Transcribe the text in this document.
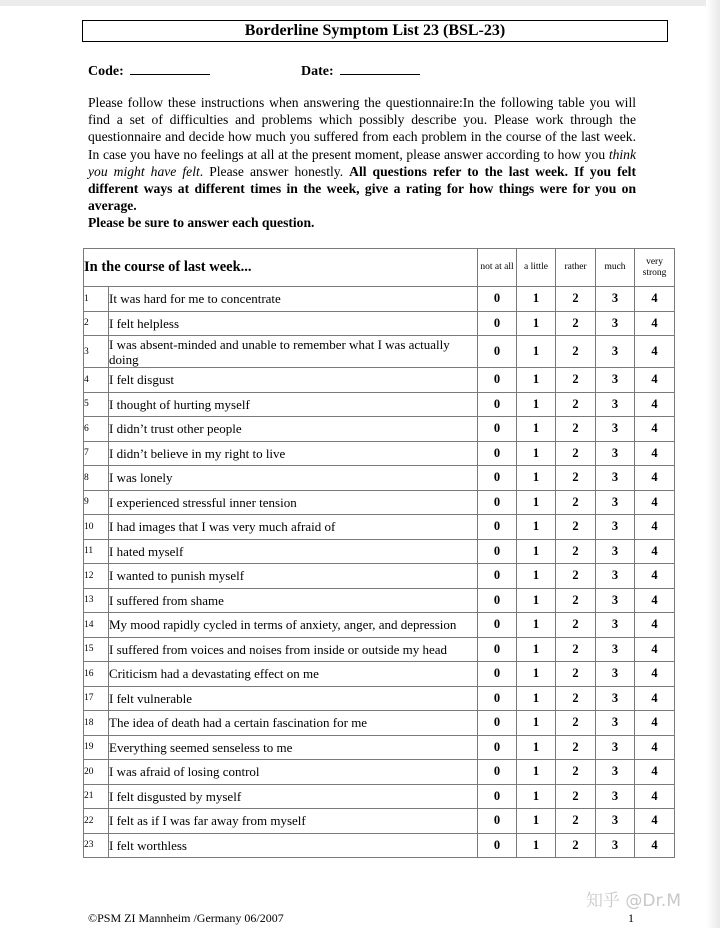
Borderline Symptom List 23 (BSL-23)
Code:	Date:
Please follow these instructions when answering the questionnaire:In the following table you will find a set of difficulties and problems which possibly describe you. Please work through the questionnaire and decide how much you suffered from each problem in the course of the last week. In case you have no feelings at all at the present moment, please answer according to how you think you might have felt. Please answer honestly. All questions refer to the last week. If you felt different ways at different times in the week, give a rating for how things were for you on average.
Please be sure to answer each question.
In the course of last week...		not at all	a little	rather	much	very strong
1	It was hard for me to concentrate	0	1	2	3	4
2	I felt helpless	0	1	2	3	4
3	I was absent-minded and unable to remember what I was actually doing	0	1	2	3	4
4	I felt disgust	0	1	2	3	4
5	I thought of hurting myself	0	1	2	3	4
6	I didn’t trust other people	0	1	2	3	4
7	I didn’t believe in my right to live	0	1	2	3	4
8	I was lonely	0	1	2	3	4
9	I experienced stressful inner tension	0	1	2	3	4
10	I had images that I was very much afraid of	0	1	2	3	4
11	I hated myself	0	1	2	3	4
12	I wanted to punish myself	0	1	2	3	4
13	I suffered from shame	0	1	2	3	4
14	My mood rapidly cycled in terms of anxiety, anger, and depression	0	1	2	3	4
15	I suffered from voices and noises from inside or outside my head	0	1	2	3	4
16	Criticism had a devastating effect on me	0	1	2	3	4
17	I felt vulnerable	0	1	2	3	4
18	The idea of death had a certain fascination for me	0	1	2	3	4
19	Everything seemed senseless to me	0	1	2	3	4
20	I was afraid of losing control	0	1	2	3	4
21	I felt disgusted by myself	0	1	2	3	4
22	I felt as if I was far away from myself	0	1	2	3	4
23	I felt worthless	0	1	2	3	4
©PSM ZI Mannheim /Germany 06/2007	1
知乎 @Dr.M
